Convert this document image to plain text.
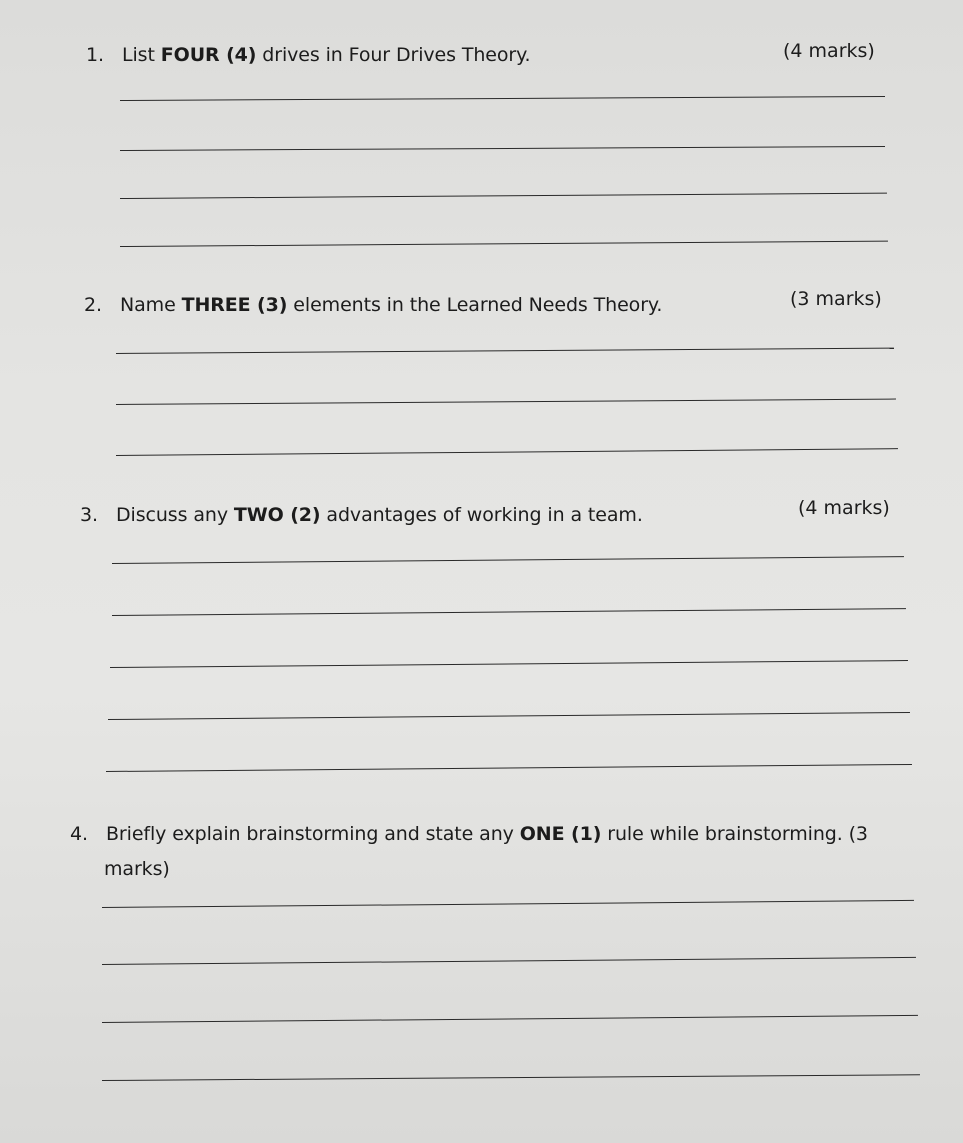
1. List FOUR (4) drives in Four Drives Theory.	(4 marks)
2. Name THREE (3) elements in the Learned Needs Theory.	(3 marks)
3. Discuss any TWO (2) advantages of working in a team.	(4 marks)
4. Briefly explain brainstorming and state any ONE (1) rule while brainstorming. (3
marks)
